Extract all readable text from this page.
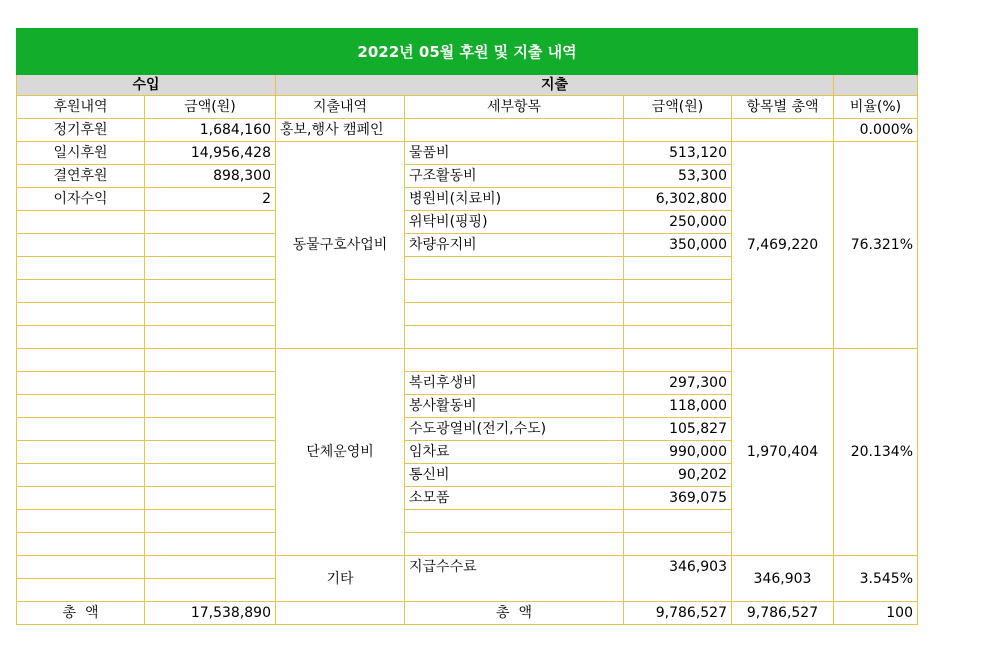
2022년 05월 후원 및 지출 내역						
수입		지출				
후원내역	금액(원)	지출내역	세부항목	금액(원)	항목별 총액	비율(%)
정기후원	1,684,160	홍보,행사 캠페인				0.000%
일시후원	14,956,428	동물구호사업비	물품비	513,120	7,469,220	76.321%
결연후원	898,300		구조활동비	53,300		
이자수익	2		병원비(치료비)	6,302,800		
			위탁비(핑핑)	250,000		
			차량유지비	350,000		

		단체운영비			1,970,404	20.134%
			복리후생비	297,300		
			봉사활동비	118,000		
			수도광열비(전기,수도)	105,827		
			임차료	990,000		
			통신비	90,202		
			소모품	369,075		

		기타	지급수수료	346,903	346,903	3.545%

총  액	17,538,890		총  액	9,786,527	9,786,527	100
